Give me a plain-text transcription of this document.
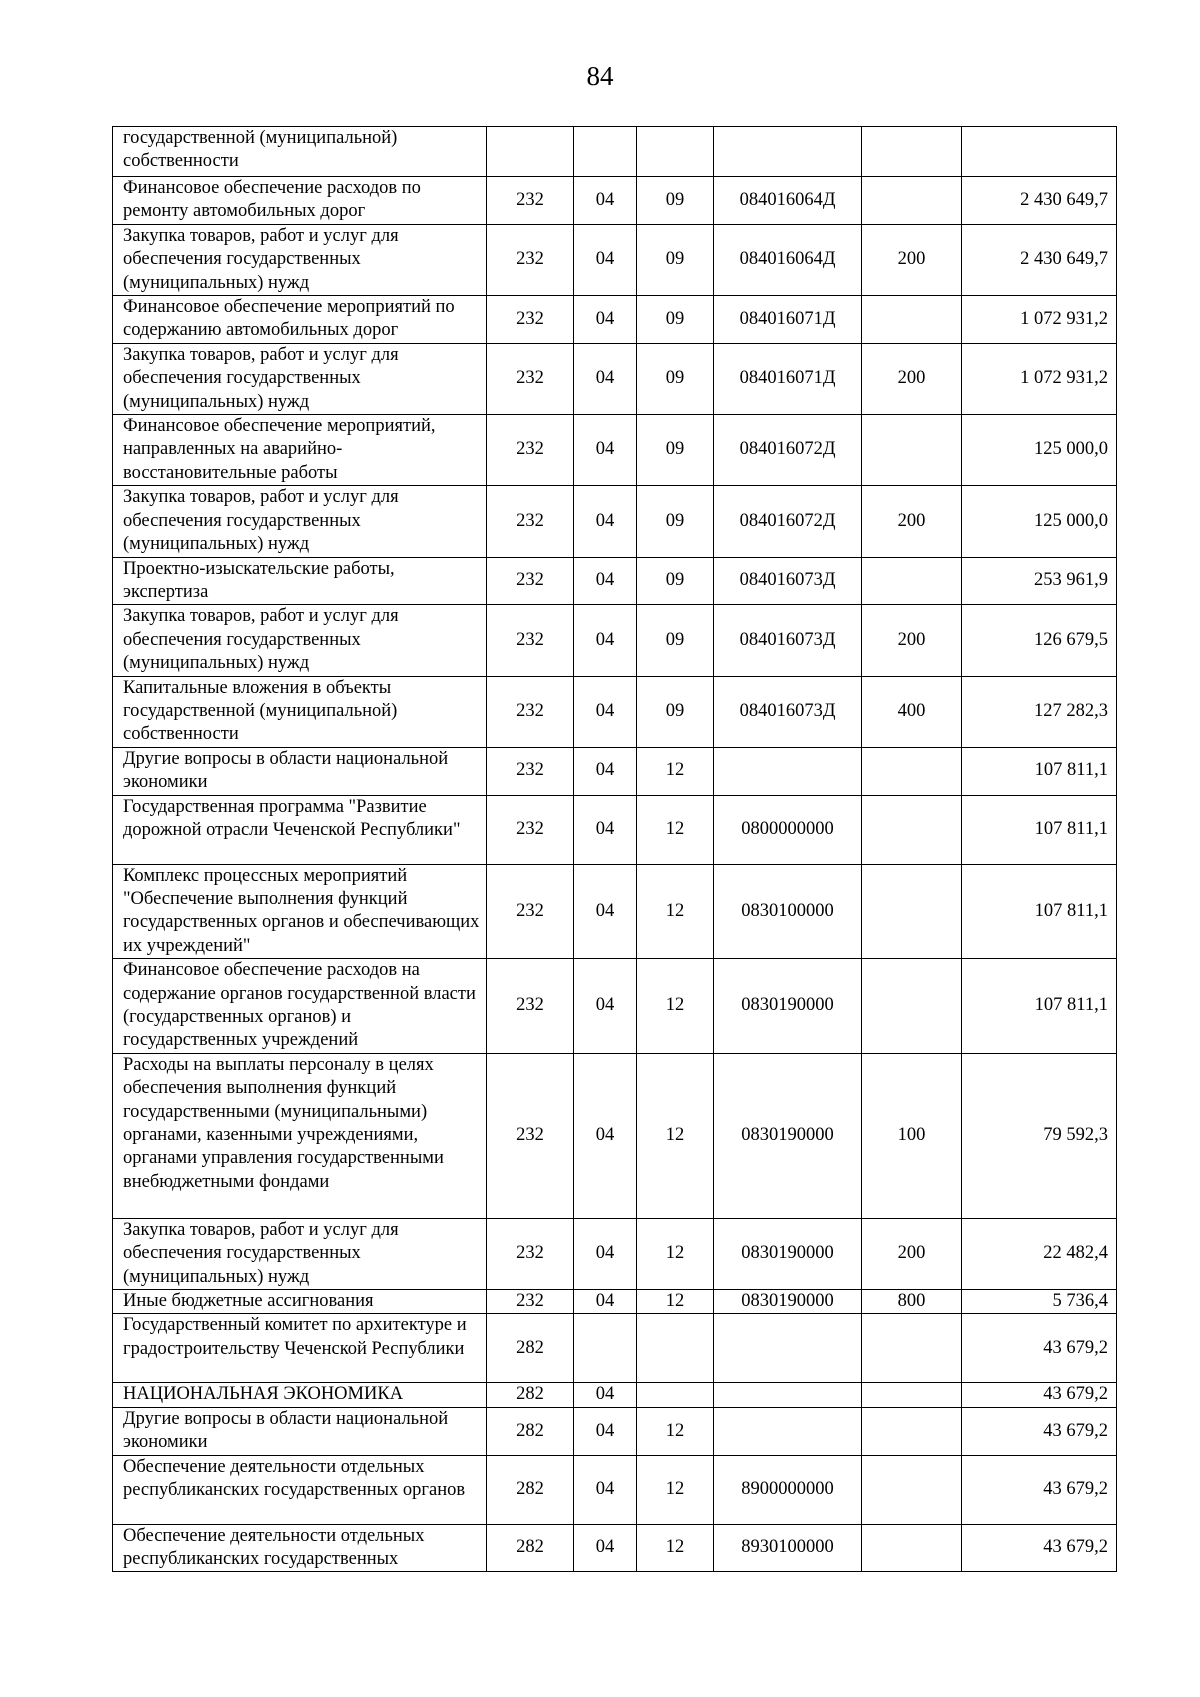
84
государственной (муниципальной) собственности						
Финансовое обеспечение расходов по ремонту автомобильных дорог	232	04	09	084016064Д		2 430 649,7
Закупка товаров, работ и услуг для обеспечения государственных (муниципальных) нужд	232	04	09	084016064Д	200	2 430 649,7
Финансовое обеспечение мероприятий по содержанию автомобильных дорог	232	04	09	084016071Д		1 072 931,2
Закупка товаров, работ и услуг для обеспечения государственных (муниципальных) нужд	232	04	09	084016071Д	200	1 072 931,2
Финансовое обеспечение мероприятий, направленных на аварийно-восстановительные работы	232	04	09	084016072Д		125 000,0
Закупка товаров, работ и услуг для обеспечения государственных (муниципальных) нужд	232	04	09	084016072Д	200	125 000,0
Проектно-изыскательские работы, экспертиза	232	04	09	084016073Д		253 961,9
Закупка товаров, работ и услуг для обеспечения государственных (муниципальных) нужд	232	04	09	084016073Д	200	126 679,5
Капитальные вложения в объекты государственной (муниципальной) собственности	232	04	09	084016073Д	400	127 282,3
Другие вопросы в области национальной экономики	232	04	12			107 811,1
Государственная программа "Развитие дорожной отрасли Чеченской Республики"	232	04	12	0800000000		107 811,1
Комплекс процессных мероприятий "Обеспечение выполнения функций государственных органов и обеспечивающих их учреждений"	232	04	12	0830100000		107 811,1
Финансовое обеспечение расходов на содержание органов государственной власти (государственных органов) и государственных учреждений	232	04	12	0830190000		107 811,1
Расходы на выплаты персоналу в целях обеспечения выполнения функций государственными (муниципальными) органами, казенными учреждениями, органами управления государственными внебюджетными фондами	232	04	12	0830190000	100	79 592,3
Закупка товаров, работ и услуг для обеспечения государственных (муниципальных) нужд	232	04	12	0830190000	200	22 482,4
Иные бюджетные ассигнования	232	04	12	0830190000	800	5 736,4
Государственный комитет по архитектуре и градостроительству Чеченской Республики	282					43 679,2
НАЦИОНАЛЬНАЯ ЭКОНОМИКА	282	04				43 679,2
Другие вопросы в области национальной экономики	282	04	12			43 679,2
Обеспечение деятельности отдельных республиканских государственных органов	282	04	12	8900000000		43 679,2
Обеспечение деятельности отдельных республиканских государственных	282	04	12	8930100000		43 679,2
